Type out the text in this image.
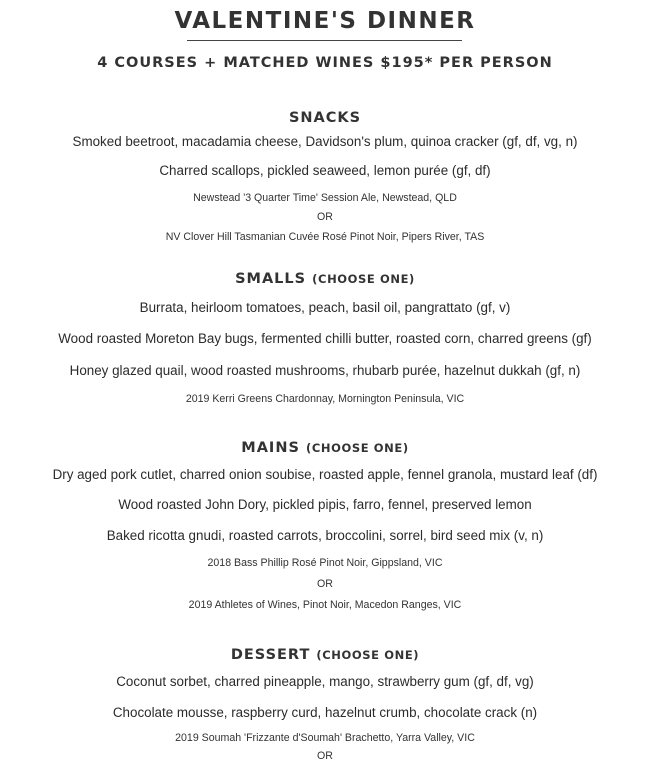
VALENTINE'S DINNER
4 COURSES + MATCHED WINES $195* PER PERSON
SNACKS
Smoked beetroot, macadamia cheese, Davidson's plum, quinoa cracker (gf, df, vg, n)
Charred scallops, pickled seaweed, lemon purée (gf, df)
Newstead '3 Quarter Time' Session Ale, Newstead, QLD
OR
NV Clover Hill Tasmanian Cuvée Rosé Pinot Noir, Pipers River, TAS
SMALLS (CHOOSE ONE)
Burrata, heirloom tomatoes, peach, basil oil, pangrattato (gf, v)
Wood roasted Moreton Bay bugs, fermented chilli butter, roasted corn, charred greens (gf)
Honey glazed quail, wood roasted mushrooms, rhubarb purée, hazelnut dukkah (gf, n)
2019 Kerri Greens Chardonnay, Mornington Peninsula, VIC
MAINS (CHOOSE ONE)
Dry aged pork cutlet, charred onion soubise, roasted apple, fennel granola, mustard leaf (df)
Wood roasted John Dory, pickled pipis, farro, fennel, preserved lemon
Baked ricotta gnudi, roasted carrots, broccolini, sorrel, bird seed mix (v, n)
2018 Bass Phillip Rosé Pinot Noir, Gippsland, VIC
OR
2019 Athletes of Wines, Pinot Noir, Macedon Ranges, VIC
DESSERT (CHOOSE ONE)
Coconut sorbet, charred pineapple, mango, strawberry gum (gf, df, vg)
Chocolate mousse, raspberry curd, hazelnut crumb, chocolate crack (n)
2019 Soumah 'Frizzante d'Soumah' Brachetto, Yarra Valley, VIC
OR
